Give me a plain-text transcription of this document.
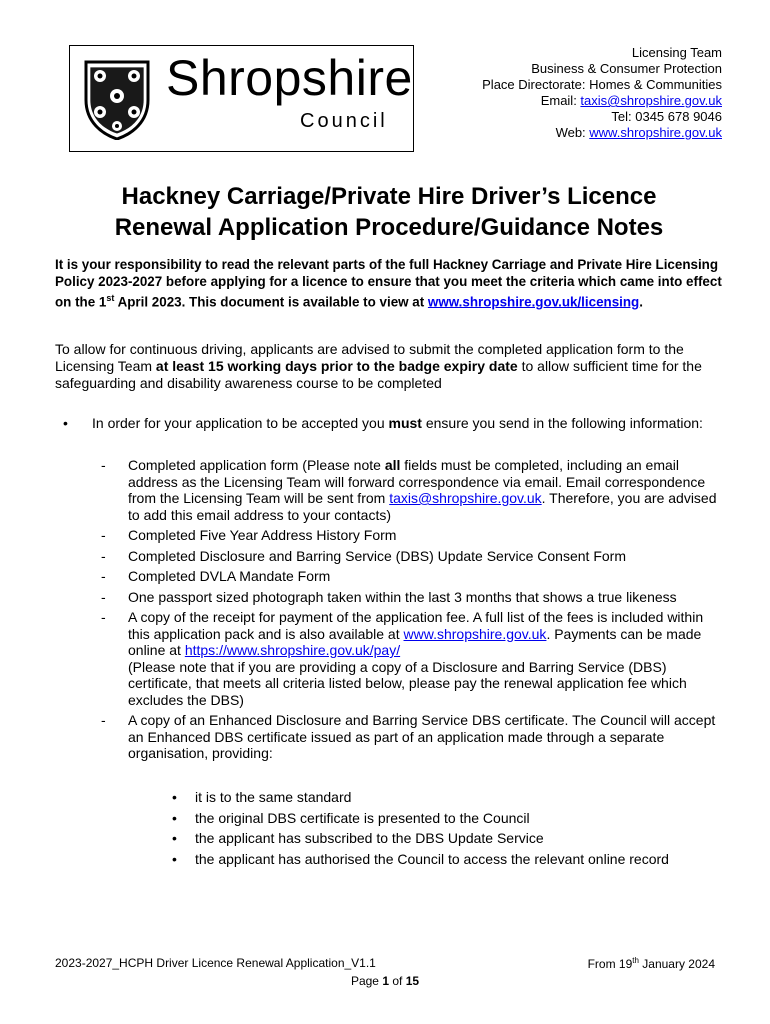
Shropshire
Council
Licensing Team
Business & Consumer Protection
Place Directorate: Homes & Communities
Email: taxis@shropshire.gov.uk
Tel: 0345 678 9046
Web: www.shropshire.gov.uk
Hackney Carriage/Private Hire Driver’s Licence
Renewal Application Procedure/Guidance Notes
It is your responsibility to read the relevant parts of the full Hackney Carriage and Private Hire Licensing Policy 2023-2027 before applying for a licence to ensure that you meet the criteria which came into effect on the 1st April 2023. This document is available to view at www.shropshire.gov.uk/licensing.
To allow for continuous driving, applicants are advised to submit the completed application form to the Licensing Team at least 15 working days prior to the badge expiry date to allow sufficient time for the safeguarding and disability awareness course to be completed
• In order for your application to be accepted you must ensure you send in the following information:
- Completed application form (Please note all fields must be completed, including an email address as the Licensing Team will forward correspondence via email. Email correspondence from the Licensing Team will be sent from taxis@shropshire.gov.uk. Therefore, you are advised to add this email address to your contacts)
- Completed Five Year Address History Form
- Completed Disclosure and Barring Service (DBS) Update Service Consent Form
- Completed DVLA Mandate Form
- One passport sized photograph taken within the last 3 months that shows a true likeness
- A copy of the receipt for payment of the application fee. A full list of the fees is included within this application pack and is also available at www.shropshire.gov.uk. Payments can be made online at https://www.shropshire.gov.uk/pay/
(Please note that if you are providing a copy of a Disclosure and Barring Service (DBS) certificate, that meets all criteria listed below, please pay the renewal application fee which excludes the DBS)
- A copy of an Enhanced Disclosure and Barring Service DBS certificate. The Council will accept an Enhanced DBS certificate issued as part of an application made through a separate organisation, providing:
• it is to the same standard
• the original DBS certificate is presented to the Council
• the applicant has subscribed to the DBS Update Service
• the applicant has authorised the Council to access the relevant online record
2023-2027_HCPH Driver Licence Renewal Application_V1.1	From 19th January 2024
Page 1 of 15
